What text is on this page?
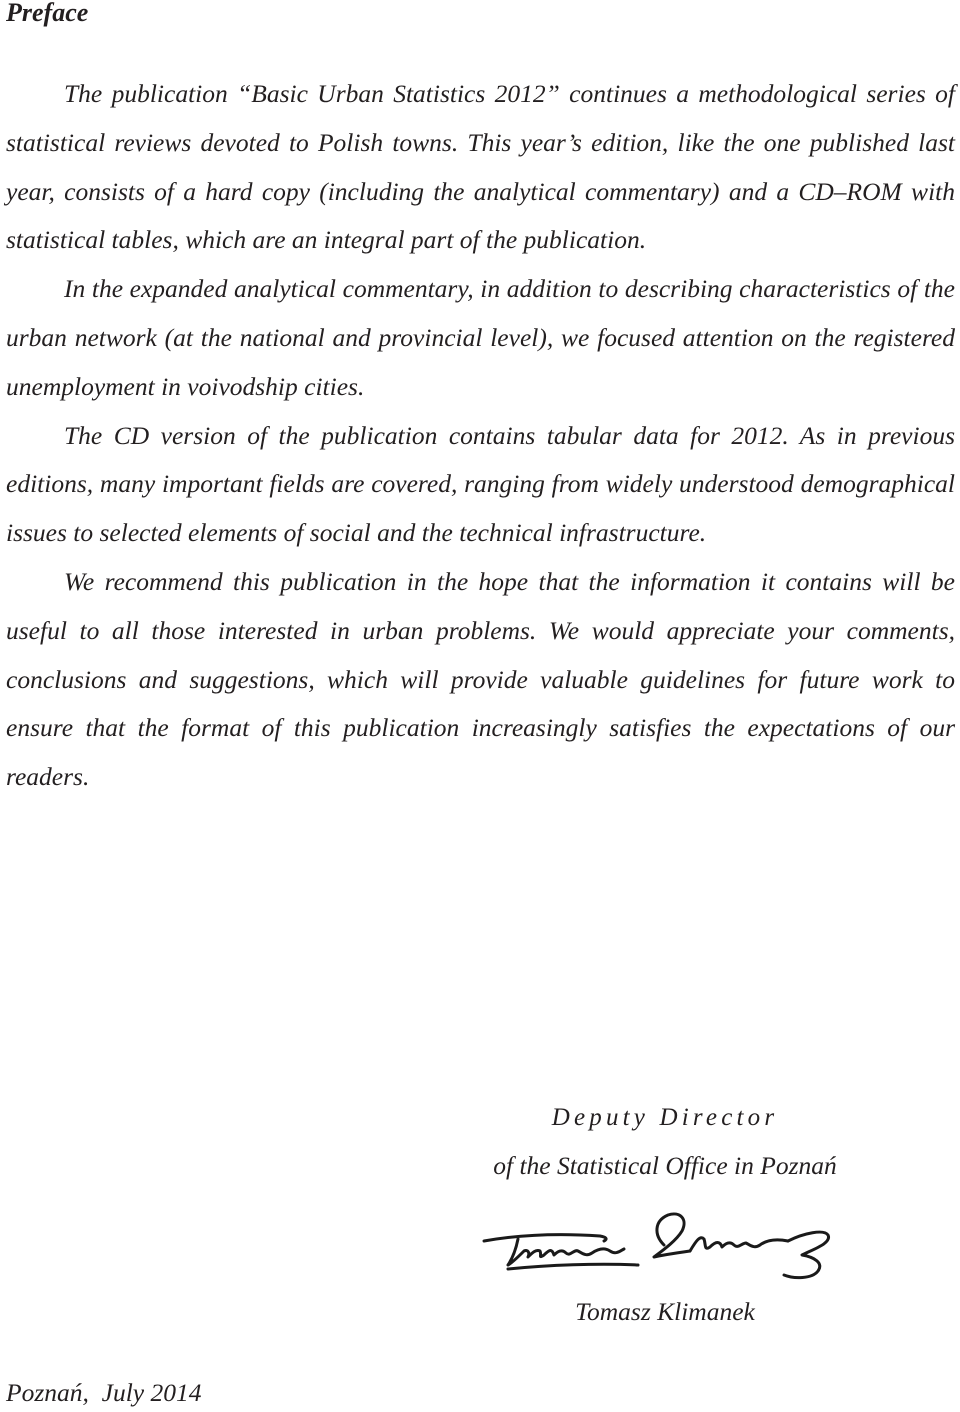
Preface

The publication “Basic Urban Statistics 2012” continues a methodological series of statistical reviews devoted to Polish towns. This year’s edition, like the one published last year, consists of a hard copy (including the analytical commentary) and a CD–ROM with statistical tables, which are an integral part of the publication.

In the expanded analytical commentary, in addition to describing characteristics of the urban network (at the national and provincial level), we focused attention on the registered unemployment in voivodship cities.

The CD version of the publication contains tabular data for 2012. As in previous editions, many important fields are covered, ranging from widely understood demographical issues to selected elements of social and the technical infrastructure.

We recommend this publication in the hope that the information it contains will be useful to all those interested in urban problems. We would appreciate your comments, conclusions and suggestions, which will provide valuable guidelines for future work to ensure that the format of this publication increasingly satisfies the expectations of our readers.

Deputy Director
of the Statistical Office in Poznań
Tomasz Klimanek
Poznań,  July 2014
